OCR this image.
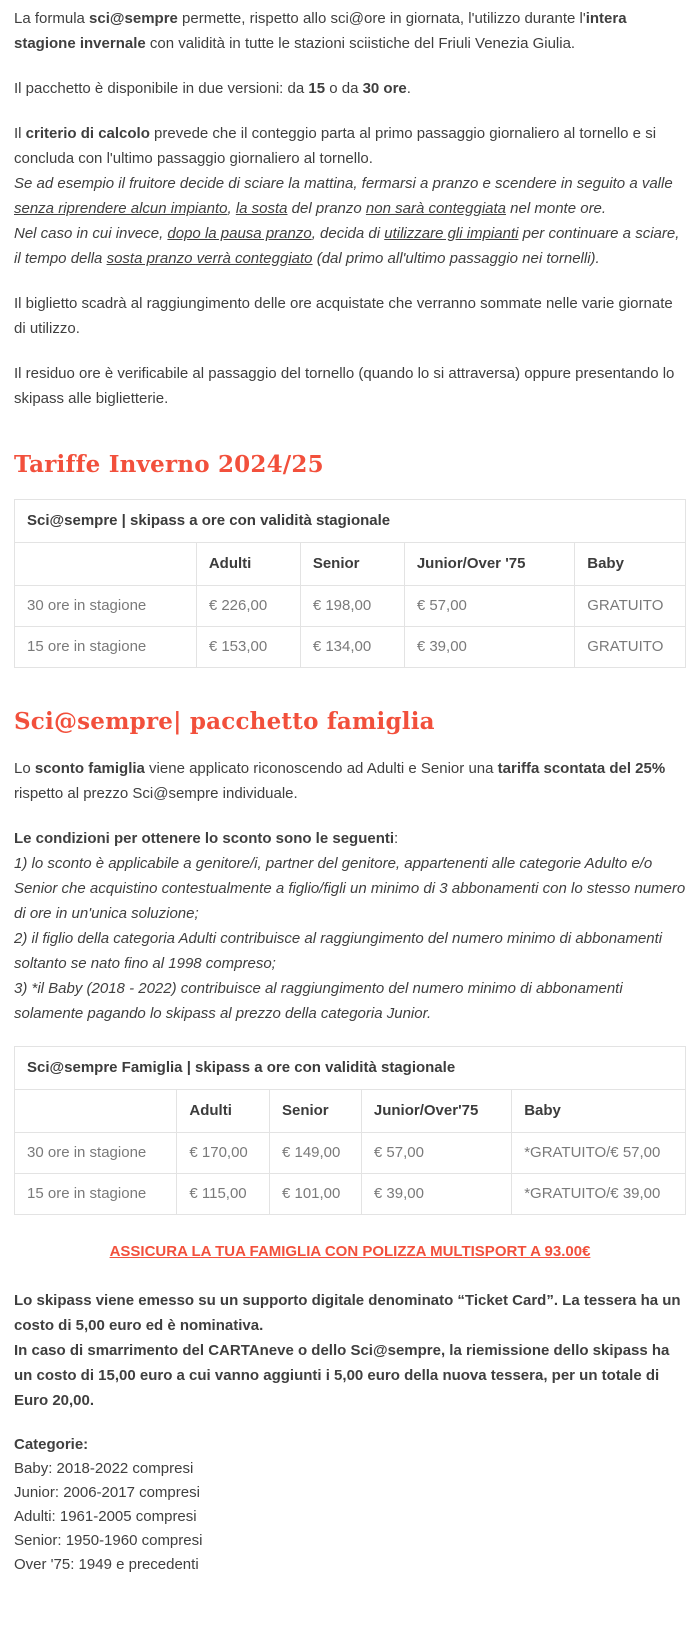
La formula sci@sempre permette, rispetto allo sci@ore in giornata, l'utilizzo durante l'intera stagione invernale con validità in tutte le stazioni sciistiche del Friuli Venezia Giulia.
Il pacchetto è disponibile in due versioni: da 15 o da 30 ore.
Il criterio di calcolo prevede che il conteggio parta al primo passaggio giornaliero al tornello e si concluda con l'ultimo passaggio giornaliero al tornello.
Se ad esempio il fruitore decide di sciare la mattina, fermarsi a pranzo e scendere in seguito a valle senza riprendere alcun impianto, la sosta del pranzo non sarà conteggiata nel monte ore.
Nel caso in cui invece, dopo la pausa pranzo, decida di utilizzare gli impianti per continuare a sciare, il tempo della sosta pranzo verrà conteggiato (dal primo all'ultimo passaggio nei tornelli).
Il biglietto scadrà al raggiungimento delle ore acquistate che verranno sommate nelle varie giornate di utilizzo.
Il residuo ore è verificabile al passaggio del tornello (quando lo si attraversa) oppure presentando lo skipass alle biglietterie.
Tariffe Inverno 2024/25
Sci@sempre | skipass a ore con validità stagionale				
	Adulti	Senior	Junior/Over '75	Baby
30 ore in stagione	€ 226,00	€ 198,00	€ 57,00	GRATUITO
15 ore in stagione	€ 153,00	€ 134,00	€ 39,00	GRATUITO
Sci@sempre| pacchetto famiglia
Lo sconto famiglia viene applicato riconoscendo ad Adulti e Senior una tariffa scontata del 25% rispetto al prezzo Sci@sempre individuale.
Le condizioni per ottenere lo sconto sono le seguenti:
1) lo sconto è applicabile a genitore/i, partner del genitore, appartenenti alle categorie Adulto e/o Senior che acquistino contestualmente a figlio/figli un minimo di 3 abbonamenti con lo stesso numero di ore in un'unica soluzione;
2) il figlio della categoria Adulti contribuisce al raggiungimento del numero minimo di abbonamenti soltanto se nato fino al 1998 compreso;
3) *il Baby (2018 - 2022) contribuisce al raggiungimento del numero minimo di abbonamenti solamente pagando lo skipass al prezzo della categoria Junior.
Sci@sempre Famiglia | skipass a ore con validità stagionale				
	Adulti	Senior	Junior/Over'75	Baby
30 ore in stagione	€ 170,00	€ 149,00	€ 57,00	*GRATUITO/€ 57,00
15 ore in stagione	€ 115,00	€ 101,00	€ 39,00	*GRATUITO/€ 39,00
ASSICURA LA TUA FAMIGLIA CON POLIZZA MULTISPORT A 93.00€
Lo skipass viene emesso su un supporto digitale denominato “Ticket Card”. La tessera ha un costo di 5,00 euro ed è nominativa.
In caso di smarrimento del CARTAneve o dello Sci@sempre, la riemissione dello skipass ha un costo di 15,00 euro a cui vanno aggiunti i 5,00 euro della nuova tessera, per un totale di Euro 20,00.
Categorie:
Baby: 2018-2022 compresi
Junior: 2006-2017 compresi
Adulti: 1961-2005 compresi
Senior: 1950-1960 compresi
Over '75: 1949 e precedenti
